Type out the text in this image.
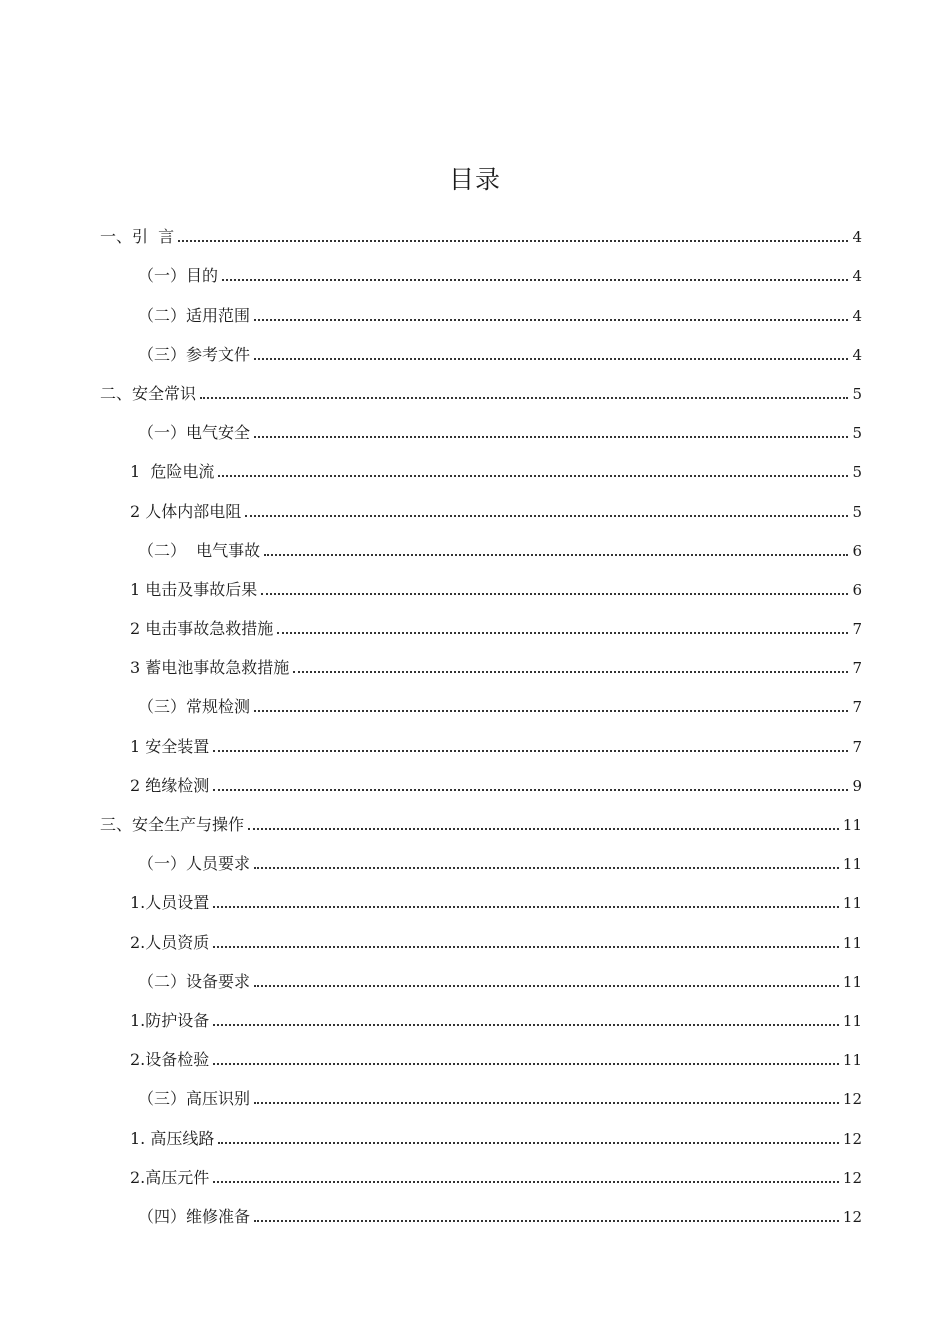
目录
一、引  言	4
（一）目的	4
（二）适用范围	4
（三）参考文件	4
二、安全常识	5
（一）电气安全	5
1  危险电流	5
2 人体内部电阻	5
（二）  电气事故	6
1 电击及事故后果	6
2 电击事故急救措施	7
3 蓄电池事故急救措施	7
（三）常规检测	7
1 安全装置	7
2 绝缘检测	9
三、安全生产与操作	11
（一）人员要求	11
1.人员设置	11
2.人员资质	11
（二）设备要求	11
1.防护设备	11
2.设备检验	11
（三）高压识别	12
1. 高压线路	12
2.高压元件	12
（四）维修准备	12
